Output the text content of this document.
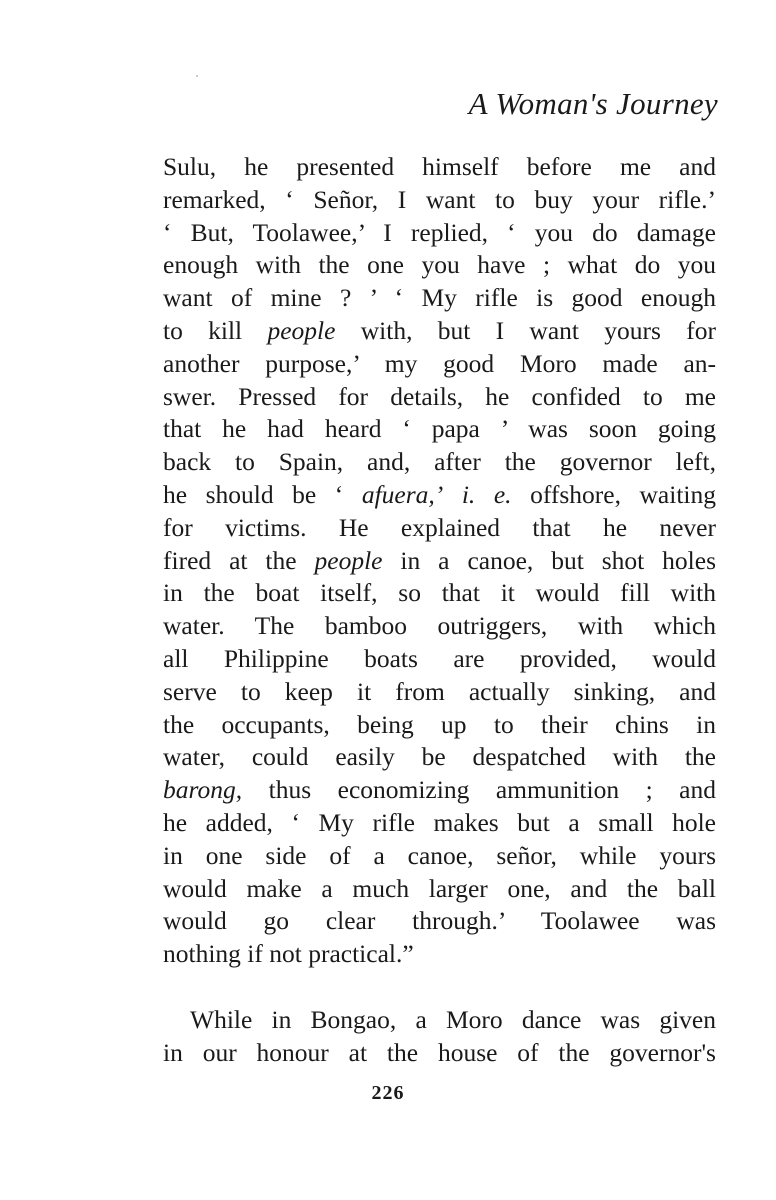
A Woman's Journey
Sulu, he presented himself before me and
remarked, ‘ Señor, I want to buy your rifle.’
‘ But, Toolawee,’ I replied, ‘ you do damage
enough with the one you have ; what do you
want of mine ? ’ ‘ My rifle is good enough
to kill people with, but I want yours for
another purpose,’ my good Moro made an-
swer. Pressed for details, he confided to me
that he had heard ‘ papa ’ was soon going
back to Spain, and, after the governor left,
he should be ‘ afuera,’ i. e. offshore, waiting
for victims. He explained that he never
fired at the people in a canoe, but shot holes
in the boat itself, so that it would fill with
water. The bamboo outriggers, with which
all Philippine boats are provided, would
serve to keep it from actually sinking, and
the occupants, being up to their chins in
water, could easily be despatched with the
barong, thus economizing ammunition ; and
he added, ‘ My rifle makes but a small hole
in one side of a canoe, señor, while yours
would make a much larger one, and the ball
would go clear through.’ Toolawee was
nothing if not practical.”
While in Bongao, a Moro dance was given
in our honour at the house of the governor's
226
